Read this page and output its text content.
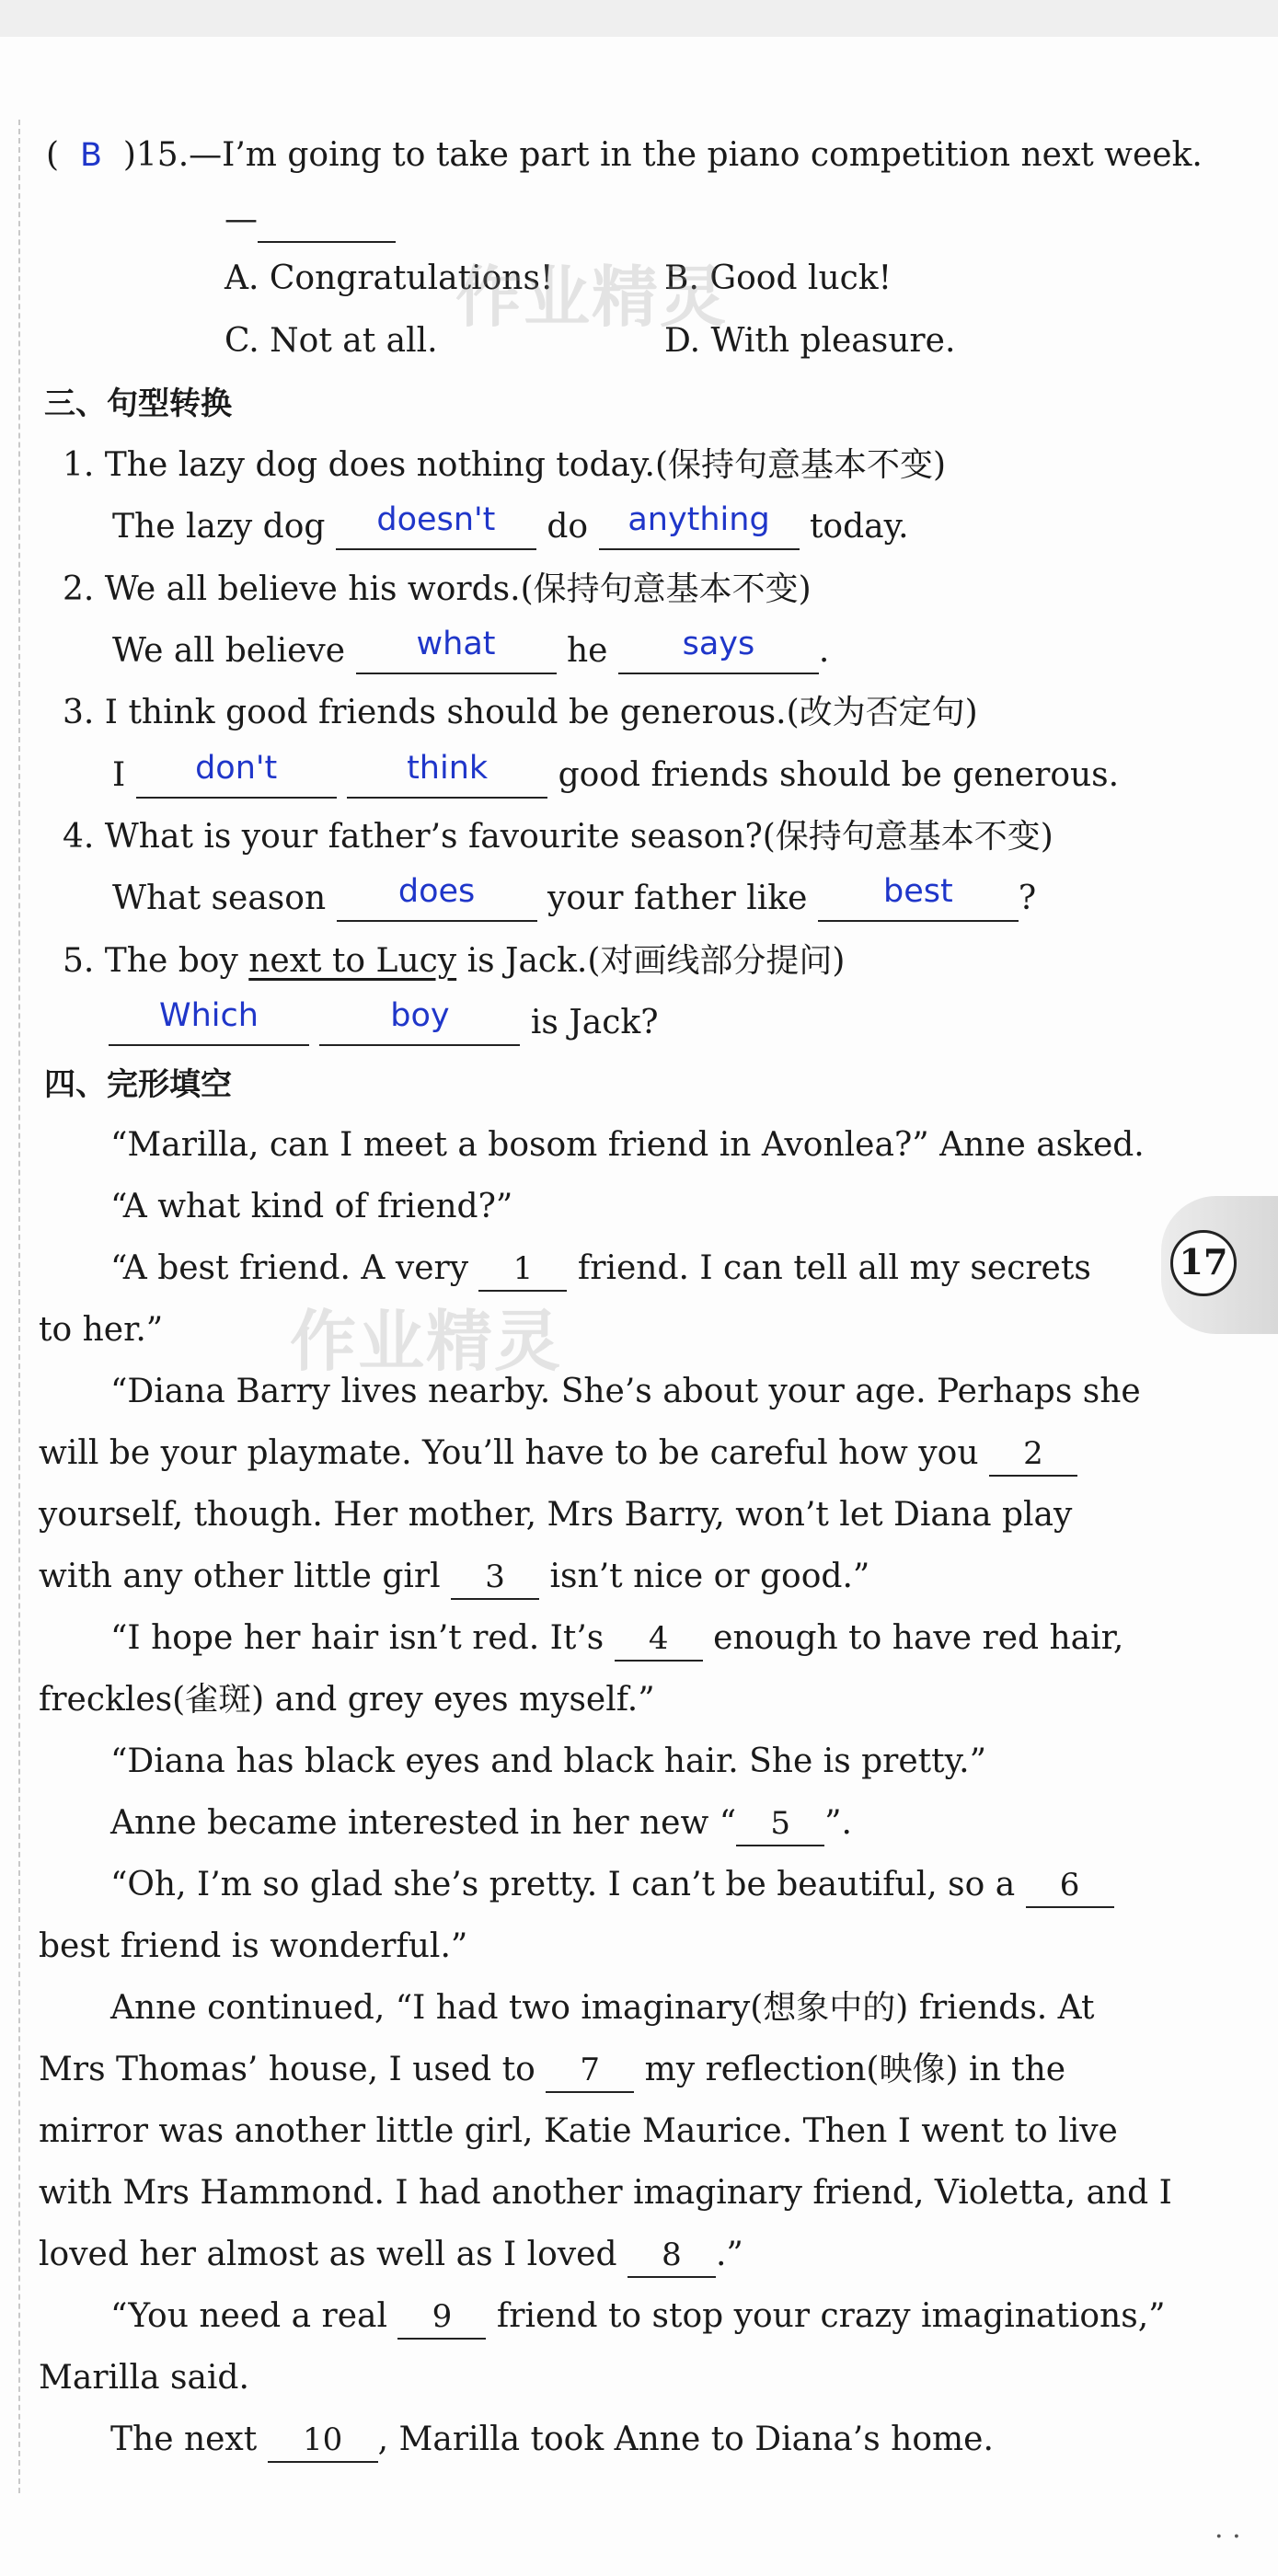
(  B )15.—I’m going to take part in the piano competition next week.
—
A. Congratulations!	B. Good luck!
C. Not at all.	D. With pleasure.
作业精灵
三、句型转换
1. The lazy dog does nothing today.(保持句意基本不变)
The lazy dog doesn't do anything today.
2. We all believe his words.(保持句意基本不变)
We all believe what he says .
3. I think good friends should be generous.(改为否定句)
I don't	think good friends should be generous.
4. What is your father’s favourite season?(保持句意基本不变)
What season does your father like best ?
5. The boy next to Lucy is Jack.(对画线部分提问)
Which	boy is Jack?
四、完形填空
“Marilla, can I meet a bosom friend in Avonlea?” Anne asked.
“A what kind of friend?”
“A best friend. A very 1 friend. I can tell all my secrets
to her.” 作业精灵
“Diana Barry lives nearby. She’s about your age. Perhaps she
will be your playmate. You’ll have to be careful how you 2
yourself, though. Her mother, Mrs Barry, won’t let Diana play
with any other little girl 3 isn’t nice or good.”
“I hope her hair isn’t red. It’s 4 enough to have red hair,
freckles(雀斑) and grey eyes myself.”
“Diana has black eyes and black hair. She is pretty.”
Anne became interested in her new “ 5 ”.
“Oh, I’m so glad she’s pretty. I can’t be beautiful, so a 6
best friend is wonderful.”
Anne continued, “I had two imaginary(想象中的) friends. At
Mrs Thomas’ house, I used to 7 my reflection(映像) in the
mirror was another little girl, Katie Maurice. Then I went to live
with Mrs Hammond. I had another imaginary friend, Violetta, and I
loved her almost as well as I loved 8 .”
“You need a real 9 friend to stop your crazy imaginations,”
Marilla said.
The next 10 , Marilla took Anne to Diana’s home.
17
· ·
